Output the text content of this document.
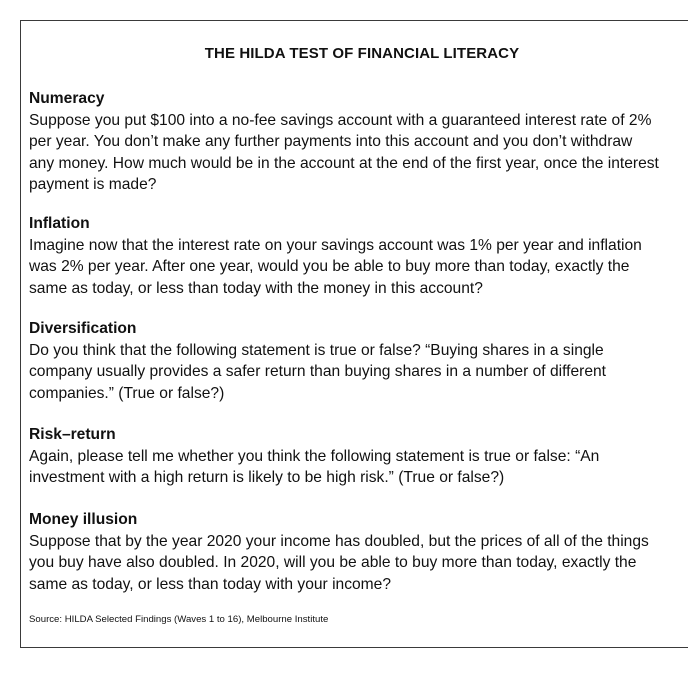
THE HILDA TEST OF FINANCIAL LITERACY
Numeracy
Suppose you put $100 into a no-fee savings account with a guaranteed interest rate of 2%
per year. You don’t make any further payments into this account and you don’t withdraw
any money. How much would be in the account at the end of the first year, once the interest
payment is made?
Inflation
Imagine now that the interest rate on your savings account was 1% per year and inflation
was 2% per year. After one year, would you be able to buy more than today, exactly the
same as today, or less than today with the money in this account?
Diversification
Do you think that the following statement is true or false? “Buying shares in a single
company usually provides a safer return than buying shares in a number of different
companies.” (True or false?)
Risk–return
Again, please tell me whether you think the following statement is true or false: “An
investment with a high return is likely to be high risk.” (True or false?)
Money illusion
Suppose that by the year 2020 your income has doubled, but the prices of all of the things
you buy have also doubled. In 2020, will you be able to buy more than today, exactly the
same as today, or less than today with your income?
Source: HILDA Selected Findings (Waves 1 to 16), Melbourne Institute
